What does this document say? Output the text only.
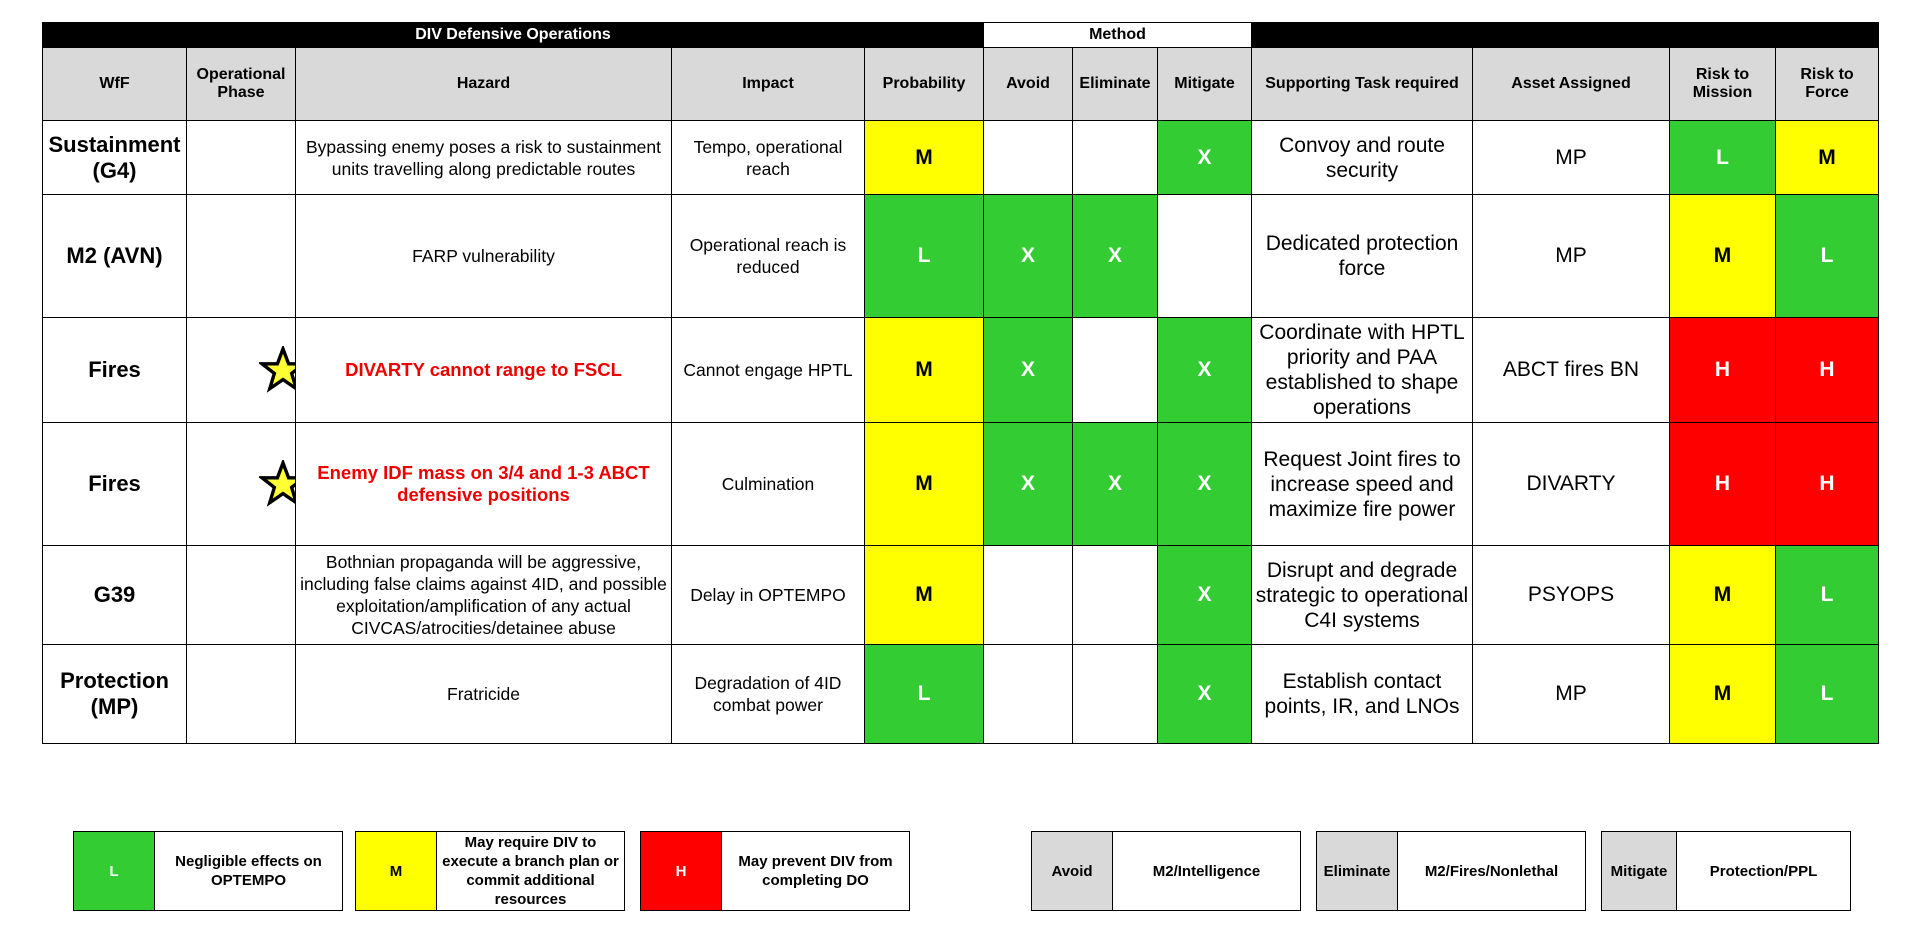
DIV Defensive Operations					Method						
WfF	Operational Phase	Hazard	Impact	Probability	Avoid	Eliminate	Mitigate	Supporting Task required	Asset Assigned	Risk to Mission	Risk to Force
Sustainment (G4)		Bypassing enemy poses a risk to sustainment units travelling along predictable routes	Tempo, operational reach	M			X	Convoy and route security	MP	L	M
M2 (AVN)		FARP vulnerability	Operational reach is reduced	L	X	X		Dedicated protection force	MP	M	L
Fires		DIVARTY cannot range to FSCL	Cannot engage HPTL	M	X		X	Coordinate with HPTL priority and PAA established to shape operations	ABCT fires BN	H	H
Fires		Enemy IDF mass on 3/4 and 1-3 ABCT defensive positions	Culmination	M	X	X	X	Request Joint fires to increase speed and maximize fire power	DIVARTY	H	H
G39		Bothnian propaganda will be aggressive, including false claims against 4ID, and possible exploitation/amplification of any actual CIVCAS/atrocities/detainee abuse	Delay in OPTEMPO	M			X	Disrupt and degrade strategic to operational C4I systems	PSYOPS	M	L
Protection (MP)		Fratricide	Degradation of 4ID combat power	L			X	Establish contact points, IR, and LNOs	MP	M	L
L
Negligible effects on OPTEMPO
M
May require DIV to execute a branch plan or commit additional resources
H
May prevent DIV from completing DO
Avoid	M2/Intelligence	Eliminate	M2/Fires/Nonlethal	Mitigate	Protection/PPL
